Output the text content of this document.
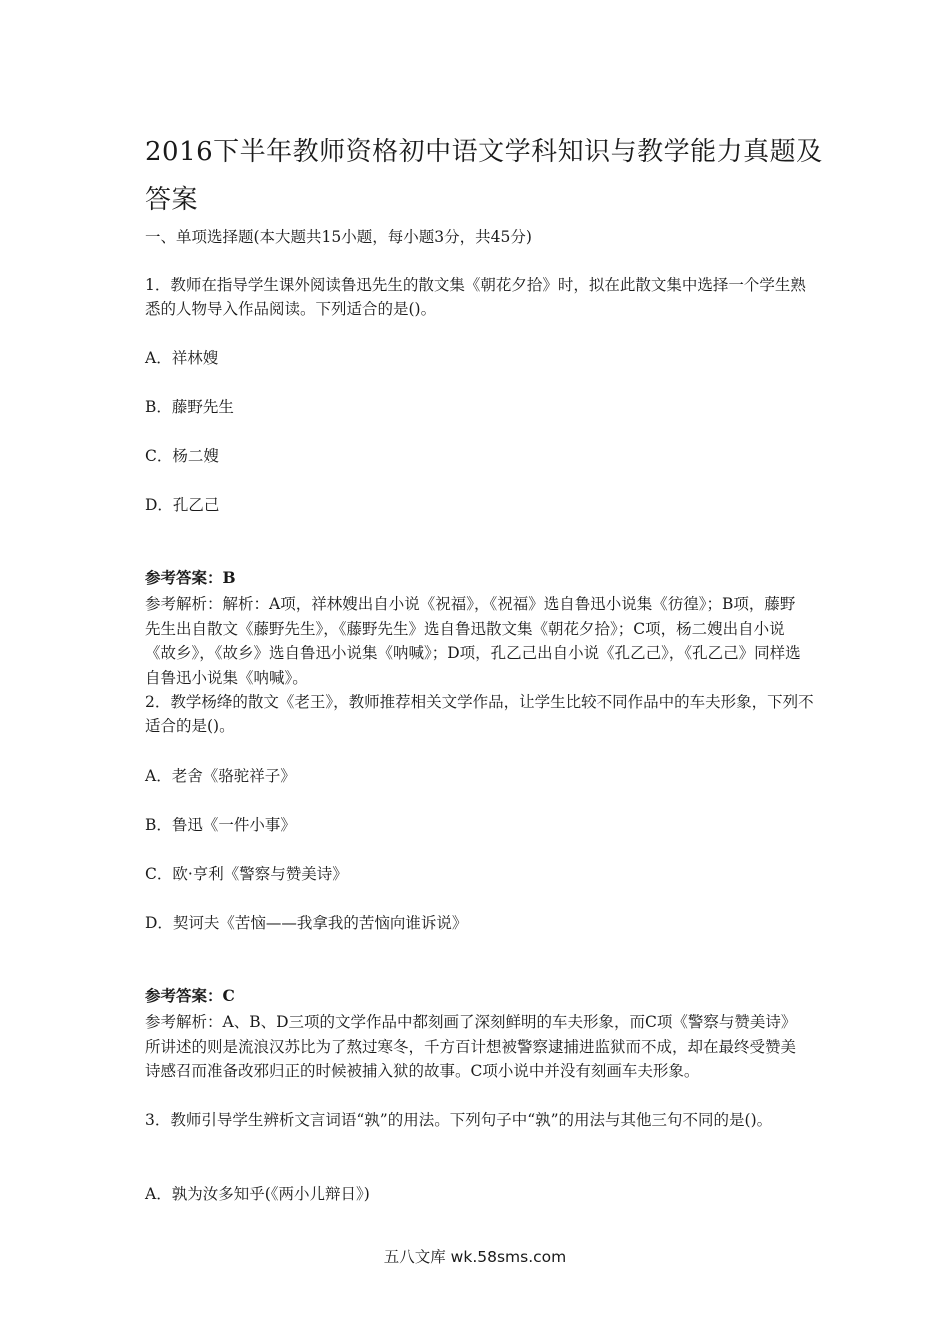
2016下半年教师资格初中语文学科知识与教学能力真题及答案

一、单项选择题(本大题共15小题，每小题3分，共45分)

1．教师在指导学生课外阅读鲁迅先生的散文集《朝花夕拾》时，拟在此散文集中选择一个学生熟悉的人物导入作品阅读。下列适合的是()。

A．祥林嫂

B．藤野先生

C．杨二嫂

D．孔乙己

参考答案：B

参考解析：解析：A项，祥林嫂出自小说《祝福》，《祝福》选自鲁迅小说集《彷徨》；B项，藤野先生出自散文《藤野先生》，《藤野先生》选自鲁迅散文集《朝花夕拾》；C项，杨二嫂出自小说《故乡》，《故乡》选自鲁迅小说集《呐喊》；D项，孔乙己出自小说《孔乙己》，《孔乙己》同样选自鲁迅小说集《呐喊》。

2．教学杨绛的散文《老王》，教师推荐相关文学作品，让学生比较不同作品中的车夫形象，下列不适合的是()。

A．老舍《骆驼祥子》

B．鲁迅《一件小事》

C．欧·亨利《警察与赞美诗》

D．契诃夫《苦恼——我拿我的苦恼向谁诉说》

参考答案：C

参考解析：A、B、D三项的文学作品中都刻画了深刻鲜明的车夫形象，而C项《警察与赞美诗》所讲述的则是流浪汉苏比为了熬过寒冬，千方百计想被警察逮捕进监狱而不成，却在最终受赞美诗感召而准备改邪归正的时候被捕入狱的故事。C项小说中并没有刻画车夫形象。

3．教师引导学生辨析文言词语“孰”的用法。下列句子中“孰”的用法与其他三句不同的是()。

A．孰为汝多知乎(《两小儿辩日》)

五八文库 wk.58sms.com
